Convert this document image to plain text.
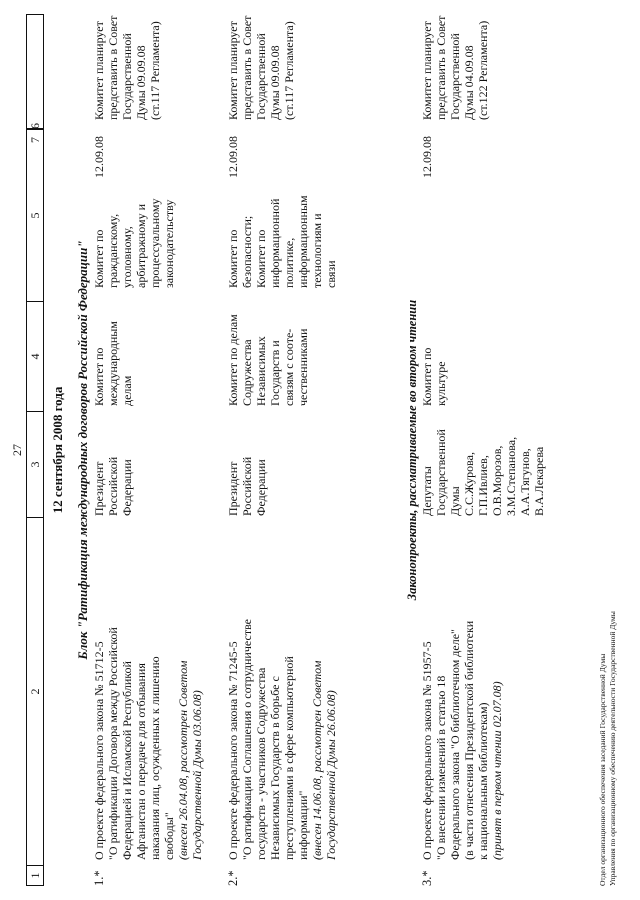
27
1
2
3
4
5
6
7
12 сентября 2008 года Блок "Ратификация международных договоров Российской Федерации"
1.*
О проекте федерального закона № 51712-5
"О ратификации Договора между Российской
Федерацией и Исламской Республикой
Афганистан о передаче для отбывания
наказания лиц, осужденных к лишению
свободы" (внесен 26.04.08, рассмотрен Советом
Государственной Думы 03.06.08)
Президент
Российской
Федерации
Комитет по
международным
делам
Комитет по
гражданскому,
уголовному,
арбитражному и
процессуальному
законодательству
12.09.08
Комитет планирует
представить в Совет
Государственной
Думы 09.09.08
(ст.117 Регламента)
2.*
О проекте федерального закона № 71245-5
"О ратификации Соглашения о сотрудничестве
государств - участников Содружества
Независимых Государств в борьбе с
преступлениями в сфере компьютерной
информации" (внесен 14.06.08, рассмотрен Советом
Государственной Думы 26.06.08)
Президент
Российской
Федерации
Комитет по делам
Содружества
Независимых
Государств и
связям с сооте-
чественниками
Комитет по
безопасности;
Комитет по
информационной
политике,
информационным
технологиям и
связи
12.09.08
Комитет планирует
представить в Совет
Государственной
Думы 09.09.08
(ст.117 Регламента)
Законопроекты, рассматриваемые во втором чтении
3.*
О проекте федерального закона № 51957-5
"О внесении изменений в статью 18
Федерального закона "О библиотечном деле"
(в части отнесения Президентской библиотеки
к национальным библиотекам) (принят в первом чтении 02.07.08)
Депутаты
Государственной
Думы
С.С.Журова,
Г.П.Ивлиев,
О.В.Морозов,
З.М.Степанова,
А.А.Тягунов,
В.А.Лекарева
Комитет по
культуре
12.09.08
Комитет планирует
представить в Совет
Государственной
Думы 04.09.08
(ст.122 Регламента)
Отдел организационного обеспечения заседаний Государственной Думы Управления по организационному обеспечению деятельности Государственной Думы
